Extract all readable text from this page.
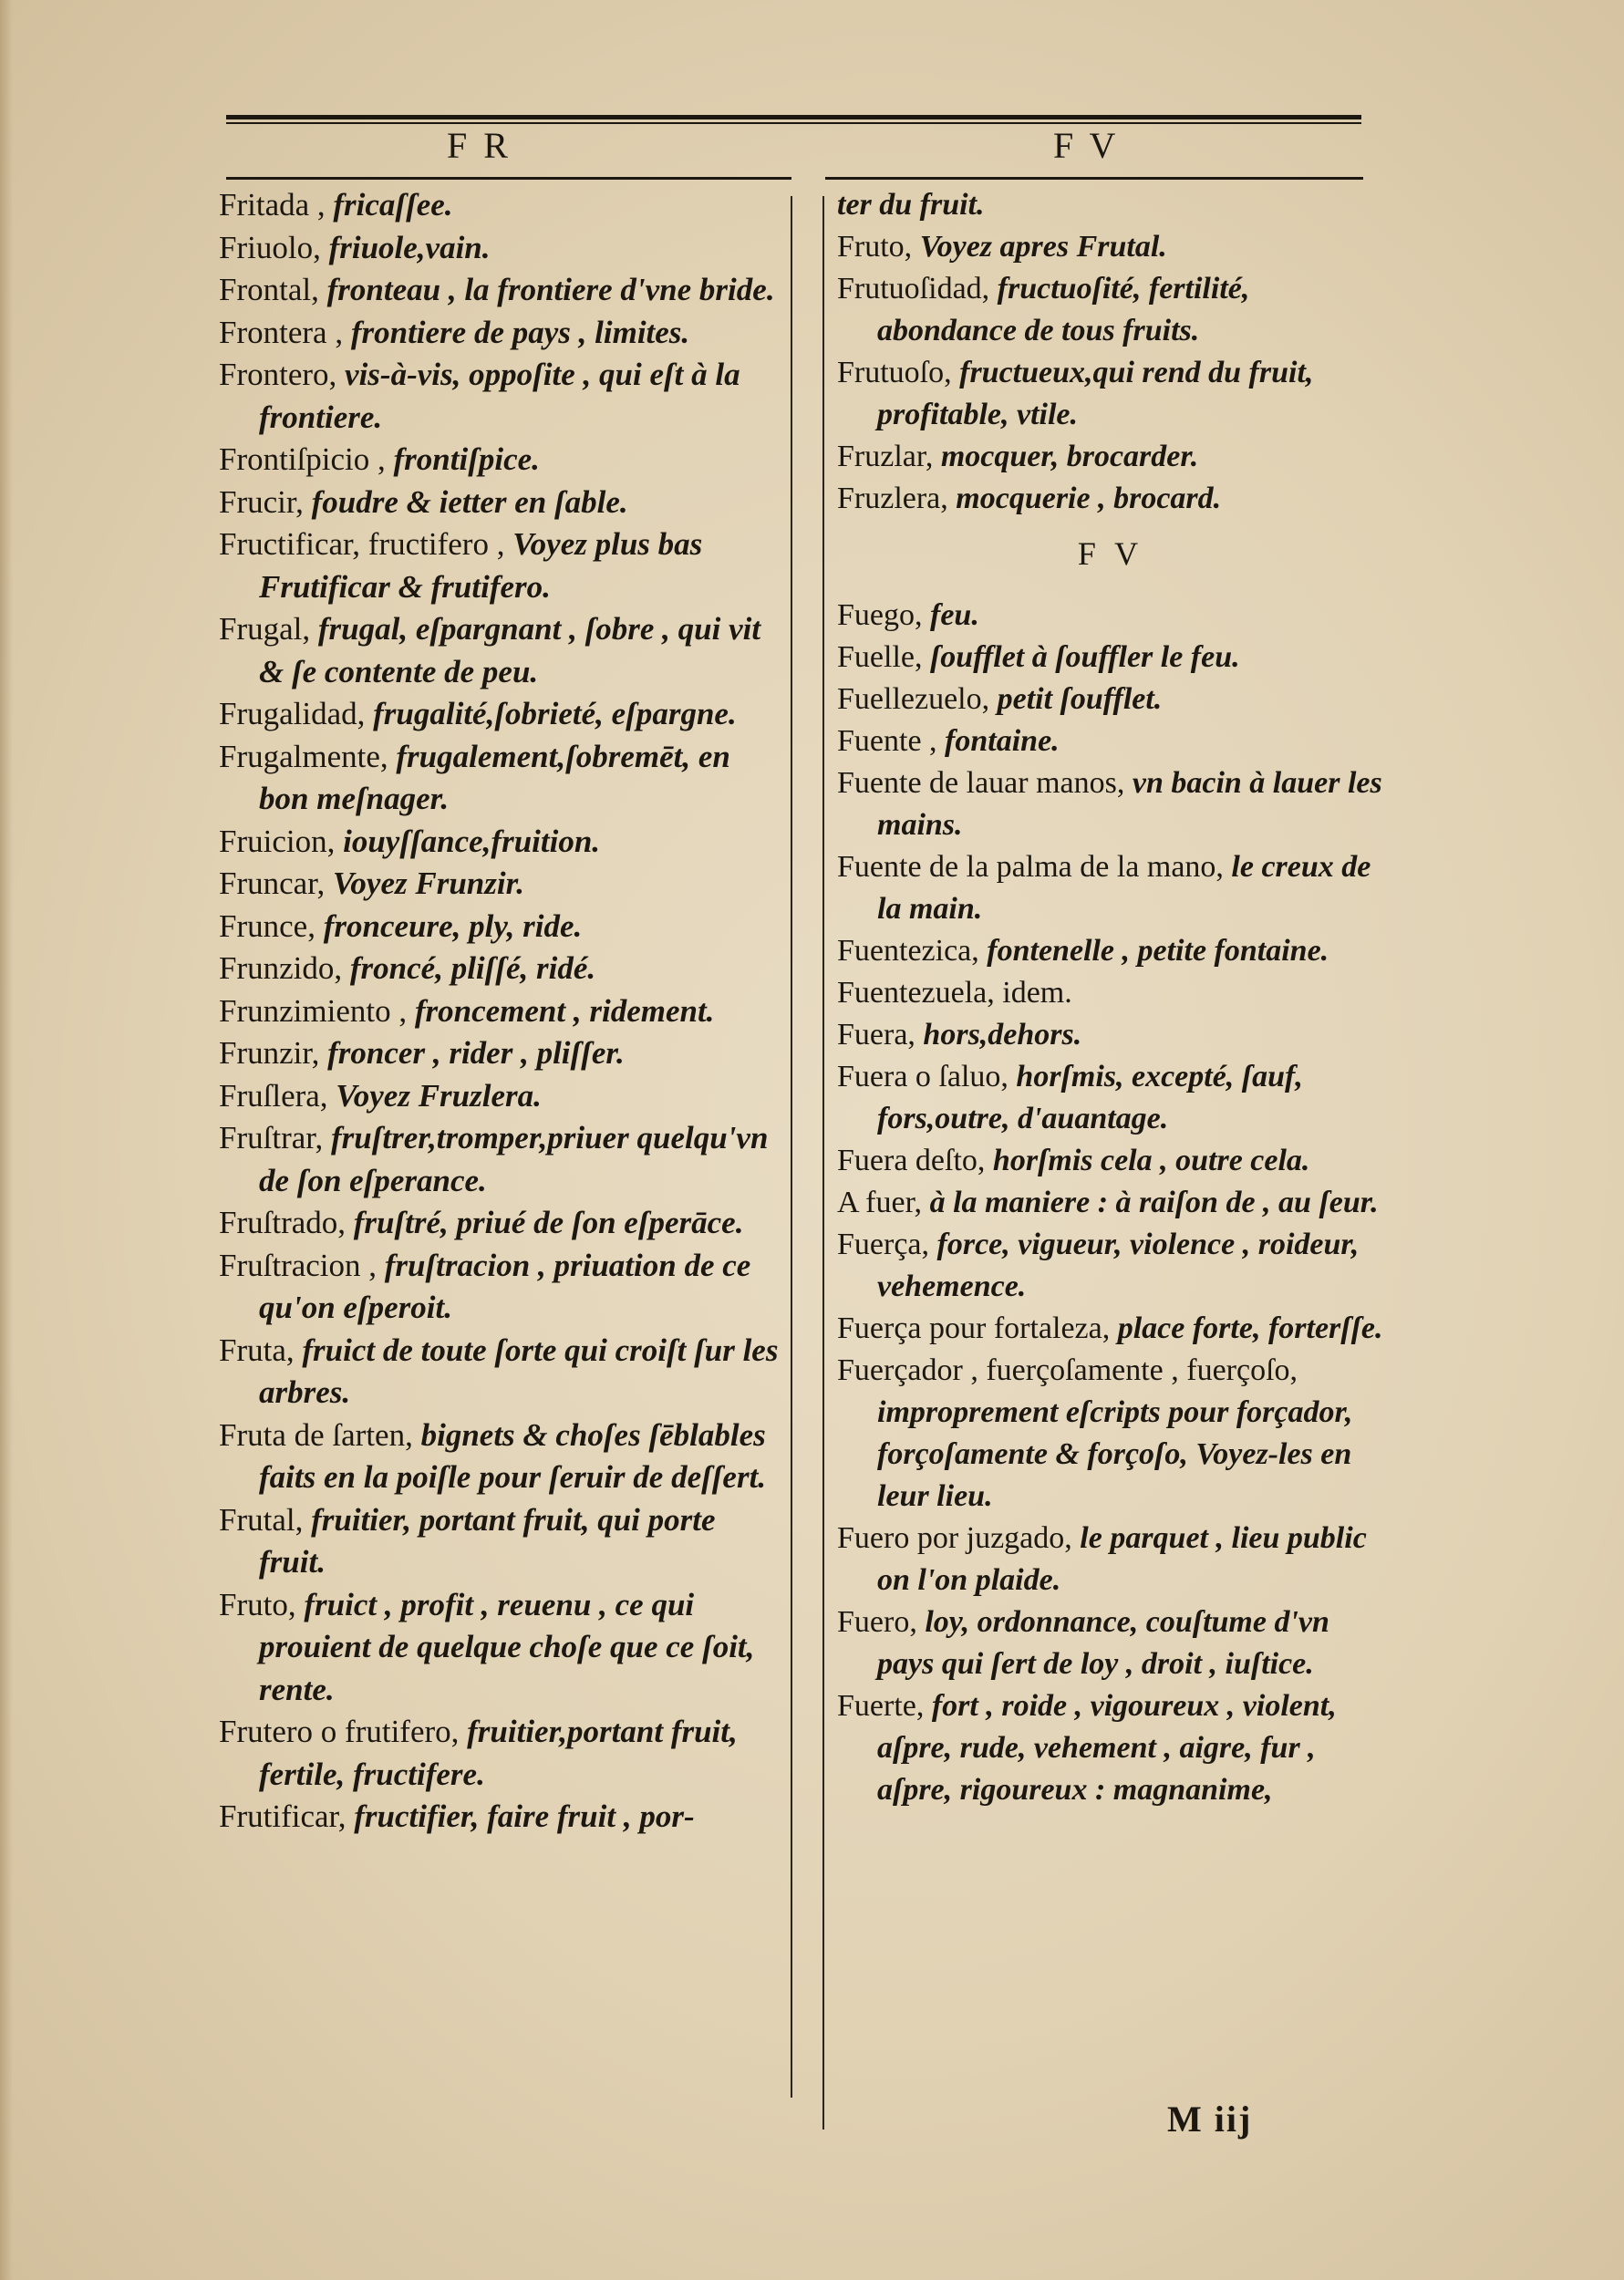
F R	F V

Fritada , fricaſſee.

Friuolo, friuole,vain.

Frontal, fronteau , la frontiere d'vne bride.

Frontera , frontiere de pays , limites.

Frontero, vis-à-vis, oppoſite , qui eſt à la frontiere.

Frontiſpicio , frontiſpice.

Frucir, foudre & ietter en ſable.

Fructificar, fructifero , Voyez plus bas Frutificar & frutifero.

Frugal, frugal, eſpargnant , ſobre , qui vit & ſe contente de peu.

Frugalidad, frugalité,ſobrieté, eſpargne.

Frugalmente, frugalement,ſobremēt, en bon meſnager.

Fruicion, iouyſſance,fruition.

Fruncar, Voyez Frunzir.

Frunce, fronceure, ply, ride.

Frunzido, froncé, pliſſé, ridé.

Frunzimiento , froncement , ridement.

Frunzir, froncer , rider , pliſſer.

Fruſlera, Voyez Fruzlera.

Fruſtrar, fruſtrer,tromper,priuer quelqu'vn de ſon eſperance.

Fruſtrado, fruſtré, priué de ſon eſperāce.

Fruſtracion , fruſtracion , priuation de ce qu'on eſperoit.

Fruta, fruict de toute ſorte qui croiſt ſur les arbres.

Fruta de ſarten, bignets & choſes ſēblables faits en la poiſle pour ſeruir de deſſert.

Frutal, fruitier, portant fruit, qui porte fruit.

Fruto, fruict , profit , reuenu , ce qui prouient de quelque choſe que ce ſoit, rente.

Frutero o frutifero, fruitier,portant fruit, fertile, fructifere.

Frutificar, fructifier, faire fruit , por-

ter du fruit.

Fruto, Voyez apres Frutal.

Frutuoſidad, fructuoſité, fertilité, abondance de tous fruits.

Frutuoſo, fructueux,qui rend du fruit, profitable, vtile.

Fruzlar, mocquer, brocarder.

Fruzlera, mocquerie , brocard.

F V

Fuego, feu.

Fuelle, ſoufflet à ſouffler le feu.

Fuellezuelo, petit ſoufflet.

Fuente , fontaine.

Fuente de lauar manos, vn bacin à lauer les mains.

Fuente de la palma de la mano, le creux de la main.

Fuentezica, fontenelle , petite fontaine.

Fuentezuela, idem.

Fuera, hors,dehors.

Fuera o ſaluo, horſmis, excepté, ſauf, fors,outre, d'auantage.

Fuera deſto, horſmis cela , outre cela.

A fuer, à la maniere : à raiſon de , au ſeur.

Fuerça, force, vigueur, violence , roideur, vehemence.

Fuerça pour fortaleza, place forte, forterſſe.

Fuerçador , fuerçoſamente , fuerçoſo, improprement eſcripts pour forçador, forçoſamente & forçoſo, Voyez-les en leur lieu.

Fuero por juzgado, le parquet , lieu public on l'on plaide.

Fuero, loy, ordonnance, couſtume d'vn pays qui ſert de loy , droit , iuſtice.

Fuerte, fort , roide , vigoureux , violent, aſpre, rude, vehement , aigre, fur , aſpre, rigoureux : magnanime,

M iij
